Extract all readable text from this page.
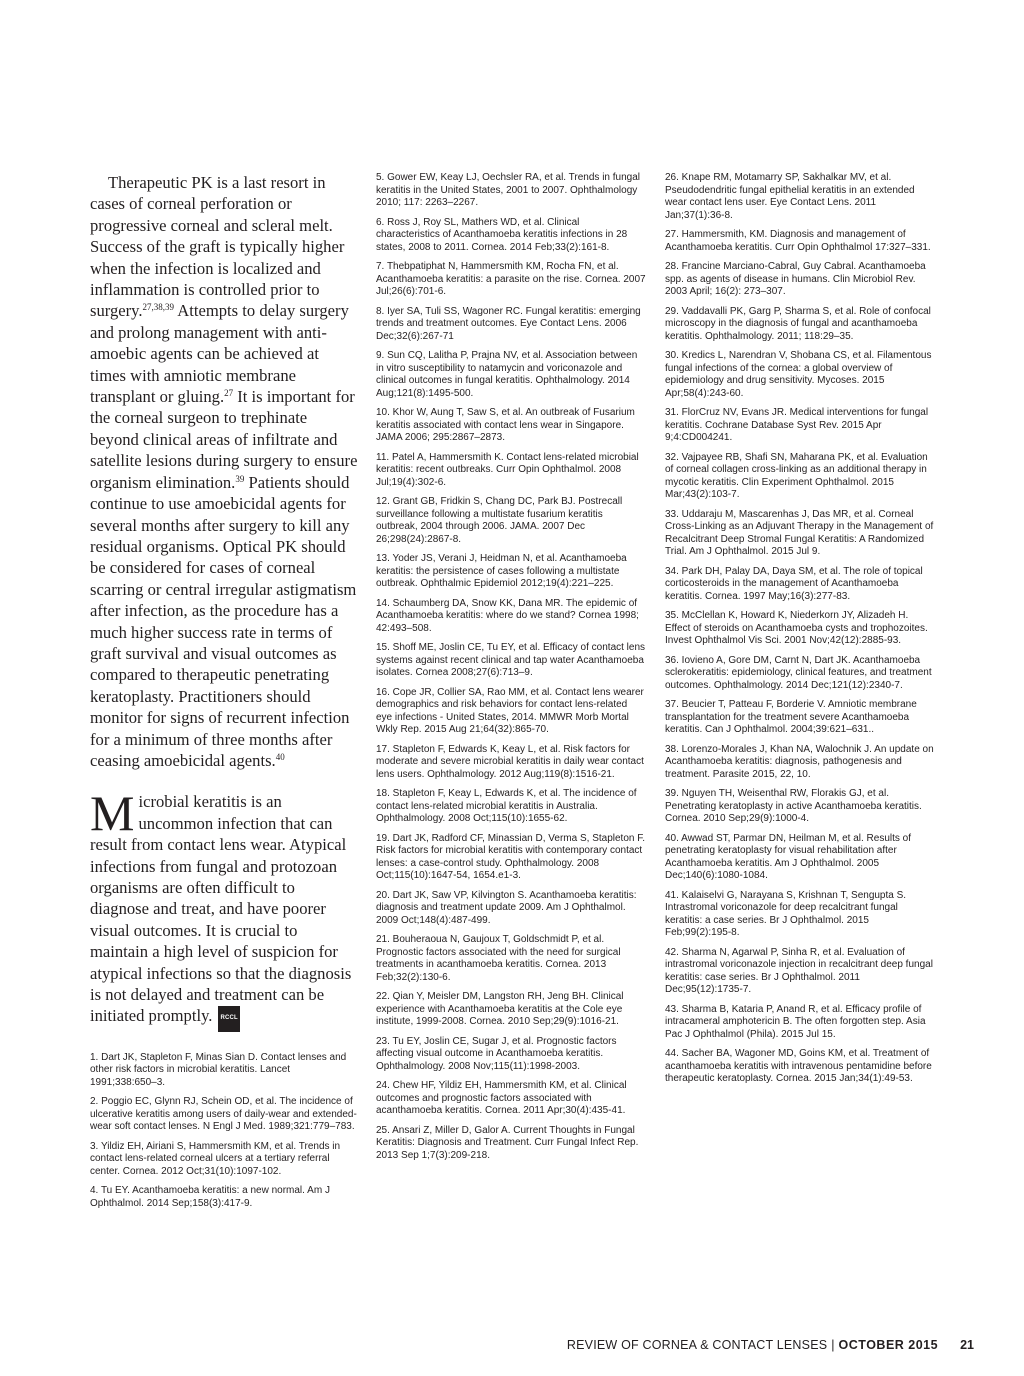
Therapeutic PK is a last resort in cases of corneal perforation or progressive corneal and scleral melt. Success of the graft is typically higher when the infection is localized and inflammation is controlled prior to surgery.$^{27,38,39}$ Attempts to delay surgery and prolong management with anti-amoebic agents can be achieved at times with amniotic membrane transplant or gluing.$^{27}$ It is important for the corneal surgeon to trephinate beyond clinical areas of infiltrate and satellite lesions during surgery to ensure organism elimination.$^{39}$ Patients should continue to use amoebicidal agents for several months after surgery to kill any residual organisms. Optical PK should be considered for cases of corneal scarring or central irregular astigmatism after infection, as the procedure has a much higher success rate in terms of graft survival and visual outcomes as compared to therapeutic penetrating keratoplasty. Practitioners should monitor for signs of recurrent infection for a minimum of three months after ceasing amoebicidal agents.$^{40}$

Microbial keratitis is an uncommon infection that can result from contact lens wear. Atypical infections from fungal and protozoan organisms are often difficult to diagnose and treat, and have poorer visual outcomes. It is crucial to maintain a high level of suspicion for atypical infections so that the diagnosis is not delayed and treatment can be initiated promptly. RCCL

1. Dart JK, Stapleton F, Minas Sian D. Contact lenses and other risk factors in microbial keratitis. Lancet 1991;338:650–3.
2. Poggio EC, Glynn RJ, Schein OD, et al. The incidence of ulcerative keratitis among users of daily-wear and extended-wear soft contact lenses. N Engl J Med. 1989;321:779–783.
3. Yildiz EH, Airiani S, Hammersmith KM, et al. Trends in contact lens-related corneal ulcers at a tertiary referral center. Cornea. 2012 Oct;31(10):1097-102.
4. Tu EY. Acanthamoeba keratitis: a new normal. Am J Ophthalmol. 2014 Sep;158(3):417-9.
5. Gower EW, Keay LJ, Oechsler RA, et al. Trends in fungal keratitis in the United States, 2001 to 2007. Ophthalmology 2010; 117: 2263–2267.
6. Ross J, Roy SL, Mathers WD, et al. Clinical characteristics of Acanthamoeba keratitis infections in 28 states, 2008 to 2011. Cornea. 2014 Feb;33(2):161-8.
7. Thebpatiphat N, Hammersmith KM, Rocha FN, et al. Acanthamoeba keratitis: a parasite on the rise. Cornea. 2007 Jul;26(6):701-6.
8. Iyer SA, Tuli SS, Wagoner RC. Fungal keratitis: emerging trends and treatment outcomes. Eye Contact Lens. 2006 Dec;32(6):267-71
9. Sun CQ, Lalitha P, Prajna NV, et al. Association between in vitro susceptibility to natamycin and voriconazole and clinical outcomes in fungal keratitis. Ophthalmology. 2014 Aug;121(8):1495-500.
10. Khor W, Aung T, Saw S, et al. An outbreak of Fusarium keratitis associated with contact lens wear in Singapore. JAMA 2006; 295:2867–2873.
11. Patel A, Hammersmith K. Contact lens-related microbial keratitis: recent outbreaks. Curr Opin Ophthalmol. 2008 Jul;19(4):302-6.
12. Grant GB, Fridkin S, Chang DC, Park BJ. Postrecall surveillance following a multistate fusarium keratitis outbreak, 2004 through 2006. JAMA. 2007 Dec 26;298(24):2867-8.
13. Yoder JS, Verani J, Heidman N, et al. Acanthamoeba keratitis: the persistence of cases following a multistate outbreak. Ophthalmic Epidemiol 2012;19(4):221–225.
14. Schaumberg DA, Snow KK, Dana MR. The epidemic of Acanthamoeba keratitis: where do we stand? Cornea 1998; 42:493–508.
15. Shoff ME, Joslin CE, Tu EY, et al. Efficacy of contact lens systems against recent clinical and tap water Acanthamoeba isolates. Cornea 2008;27(6):713–9.
16. Cope JR, Collier SA, Rao MM, et al. Contact lens wearer demographics and risk behaviors for contact lens-related eye infections - United States, 2014. MMWR Morb Mortal Wkly Rep. 2015 Aug 21;64(32):865-70.
17. Stapleton F, Edwards K, Keay L, et al. Risk factors for moderate and severe microbial keratitis in daily wear contact lens users. Ophthalmology. 2012 Aug;119(8):1516-21.
18. Stapleton F, Keay L, Edwards K, et al. The incidence of contact lens-related microbial keratitis in Australia. Ophthalmology. 2008 Oct;115(10):1655-62.
19. Dart JK, Radford CF, Minassian D, Verma S, Stapleton F. Risk factors for microbial keratitis with contemporary contact lenses: a case-control study. Ophthalmology. 2008 Oct;115(10):1647-54, 1654.e1-3.
20. Dart JK, Saw VP, Kilvington S. Acanthamoeba keratitis: diagnosis and treatment update 2009. Am J Ophthalmol. 2009 Oct;148(4):487-499.
21. Bouheraoua N, Gaujoux T, Goldschmidt P, et al. Prognostic factors associated with the need for surgical treatments in acanthamoeba keratitis. Cornea. 2013 Feb;32(2):130-6.
22. Qian Y, Meisler DM, Langston RH, Jeng BH. Clinical experience with Acanthamoeba keratitis at the Cole eye institute, 1999-2008. Cornea. 2010 Sep;29(9):1016-21.
23. Tu EY, Joslin CE, Sugar J, et al. Prognostic factors affecting visual outcome in Acanthamoeba keratitis. Ophthalmology. 2008 Nov;115(11):1998-2003.
24. Chew HF, Yildiz EH, Hammersmith KM, et al. Clinical outcomes and prognostic factors associated with acanthamoeba keratitis. Cornea. 2011 Apr;30(4):435-41.
25. Ansari Z, Miller D, Galor A. Current Thoughts in Fungal Keratitis: Diagnosis and Treatment. Curr Fungal Infect Rep. 2013 Sep 1;7(3):209-218.
26. Knape RM, Motamarry SP, Sakhalkar MV, et al. Pseudodendritic fungal epithelial keratitis in an extended wear contact lens user. Eye Contact Lens. 2011 Jan;37(1):36-8.
27. Hammersmith, KM. Diagnosis and management of Acanthamoeba keratitis. Curr Opin Ophthalmol 17:327–331.
28. Francine Marciano-Cabral, Guy Cabral. Acanthamoeba spp. as agents of disease in humans. Clin Microbiol Rev. 2003 April; 16(2): 273–307.
29. Vaddavalli PK, Garg P, Sharma S, et al. Role of confocal microscopy in the diagnosis of fungal and acanthamoeba keratitis. Ophthalmology. 2011; 118:29–35.
30. Kredics L, Narendran V, Shobana CS, et al. Filamentous fungal infections of the cornea: a global overview of epidemiology and drug sensitivity. Mycoses. 2015 Apr;58(4):243-60.
31. FlorCruz NV, Evans JR. Medical interventions for fungal keratitis. Cochrane Database Syst Rev. 2015 Apr 9;4:CD004241.
32. Vajpayee RB, Shafi SN, Maharana PK, et al. Evaluation of corneal collagen cross-linking as an additional therapy in mycotic keratitis. Clin Experiment Ophthalmol. 2015 Mar;43(2):103-7.
33. Uddaraju M, Mascarenhas J, Das MR, et al. Corneal Cross-Linking as an Adjuvant Therapy in the Management of Recalcitrant Deep Stromal Fungal Keratitis: A Randomized Trial. Am J Ophthalmol. 2015 Jul 9.
34. Park DH, Palay DA, Daya SM, et al. The role of topical corticosteroids in the management of Acanthamoeba keratitis. Cornea. 1997 May;16(3):277-83.
35. McClellan K, Howard K, Niederkorn JY, Alizadeh H. Effect of steroids on Acanthamoeba cysts and trophozoites. Invest Ophthalmol Vis Sci. 2001 Nov;42(12):2885-93.
36. Iovieno A, Gore DM, Carnt N, Dart JK. Acanthamoeba sclerokeratitis: epidemiology, clinical features, and treatment outcomes. Ophthalmology. 2014 Dec;121(12):2340-7.
37. Beucier T, Patteau F, Borderie V. Amniotic membrane transplantation for the treatment severe Acanthamoeba keratitis. Can J Ophthalmol. 2004;39:621–631..
38. Lorenzo-Morales J, Khan NA, Walochnik J. An update on Acanthamoeba keratitis: diagnosis, pathogenesis and treatment. Parasite 2015, 22, 10.
39. Nguyen TH, Weisenthal RW, Florakis GJ, et al. Penetrating keratoplasty in active Acanthamoeba keratitis. Cornea. 2010 Sep;29(9):1000-4.
40. Awwad ST, Parmar DN, Heilman M, et al. Results of penetrating keratoplasty for visual rehabilitation after Acanthamoeba keratitis. Am J Ophthalmol. 2005 Dec;140(6):1080-1084.
41. Kalaiselvi G, Narayana S, Krishnan T, Sengupta S. Intrastromal voriconazole for deep recalcitrant fungal keratitis: a case series. Br J Ophthalmol. 2015 Feb;99(2):195-8.
42. Sharma N, Agarwal P, Sinha R, et al. Evaluation of intrastromal voriconazole injection in recalcitrant deep fungal keratitis: case series. Br J Ophthalmol. 2011 Dec;95(12):1735-7.
43. Sharma B, Kataria P, Anand R, et al. Efficacy profile of intracameral amphotericin B. The often forgotten step. Asia Pac J Ophthalmol (Phila). 2015 Jul 15.
44. Sacher BA, Wagoner MD, Goins KM, et al. Treatment of acanthamoeba keratitis with intravenous pentamidine before therapeutic keratoplasty. Cornea. 2015 Jan;34(1):49-53.
REVIEW OF CORNEA & CONTACT LENSES | OCTOBER 2015 21
